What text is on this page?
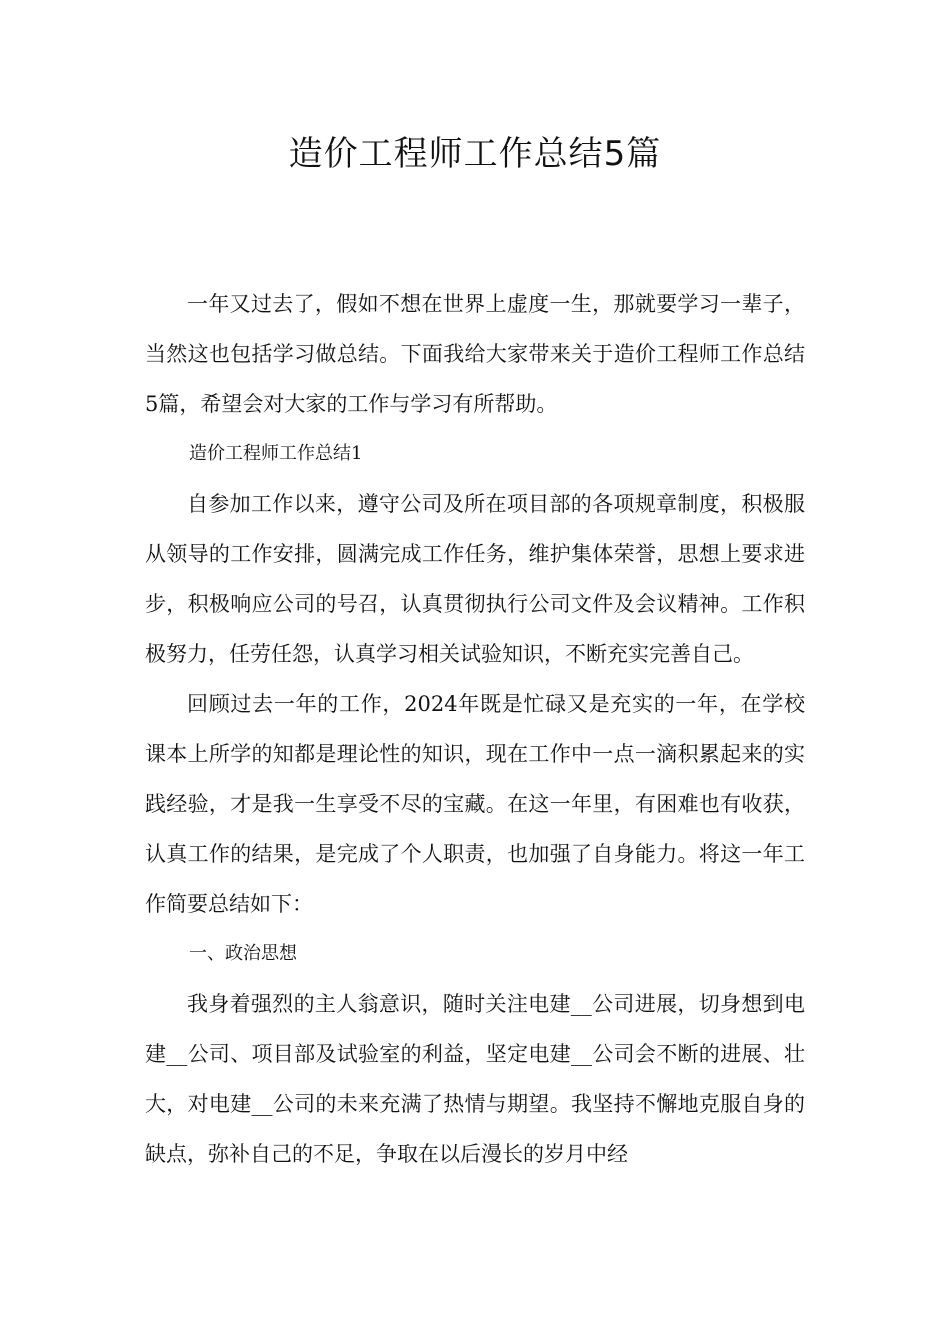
造价工程师工作总结5篇

一年又过去了，假如不想在世界上虚度一生，那就要学习一辈子，当然这也包括学习做总结。下面我给大家带来关于造价工程师工作总结5篇，希望会对大家的工作与学习有所帮助。

造价工程师工作总结1

自参加工作以来，遵守公司及所在项目部的各项规章制度，积极服从领导的工作安排，圆满完成工作任务，维护集体荣誉，思想上要求进步，积极响应公司的号召，认真贯彻执行公司文件及会议精神。工作积极努力，任劳任怨，认真学习相关试验知识，不断充实完善自己。

回顾过去一年的工作，2024年既是忙碌又是充实的一年，在学校课本上所学的知都是理论性的知识，现在工作中一点一滴积累起来的实践经验，才是我一生享受不尽的宝藏。在这一年里，有困难也有收获，认真工作的结果，是完成了个人职责，也加强了自身能力。将这一年工作简要总结如下：

一、政治思想

我身着强烈的主人翁意识，随时关注电建__公司进展，切身想到电建__公司、项目部及试验室的利益，坚定电建__公司会不断的进展、壮大，对电建__公司的未来充满了热情与期望。我坚持不懈地克服自身的缺点，弥补自己的不足，争取在以后漫长的岁月中经
